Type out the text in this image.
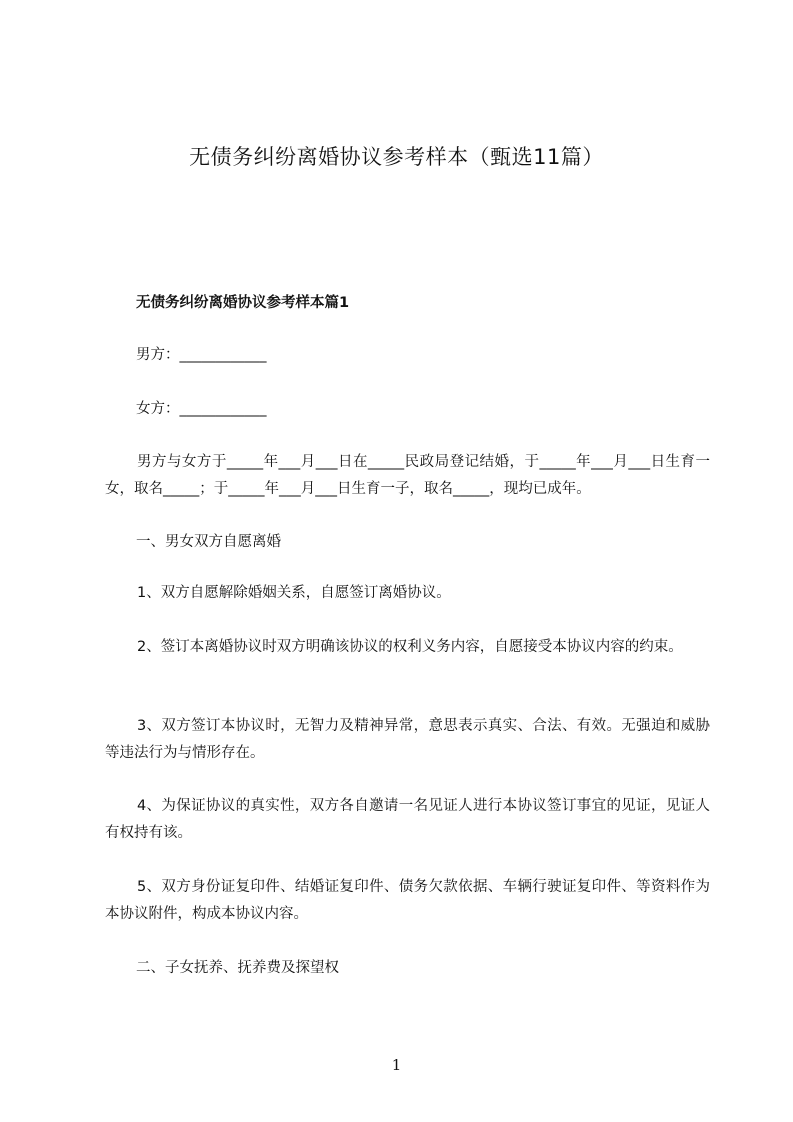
无债务纠纷离婚协议参考样本（甄选11篇）
无债务纠纷离婚协议参考样本篇1
男方：____________
女方：____________
男方与女方于_____年___月___日在_____民政局登记结婚，于_____年___月___日生育一女，取名_____；于_____年___月___日生育一子，取名_____，现均已成年。
一、男女双方自愿离婚
1、双方自愿解除婚姻关系，自愿签订离婚协议。
2、签订本离婚协议时双方明确该协议的权利义务内容，自愿接受本协议内容的约束。
3、双方签订本协议时，无智力及精神异常，意思表示真实、合法、有效。无强迫和威胁等违法行为与情形存在。
4、为保证协议的真实性，双方各自邀请一名见证人进行本协议签订事宜的见证，见证人有权持有该。
5、双方身份证复印件、结婚证复印件、债务欠款依据、车辆行驶证复印件、等资料作为本协议附件，构成本协议内容。
二、子女抚养、抚养费及探望权
1
